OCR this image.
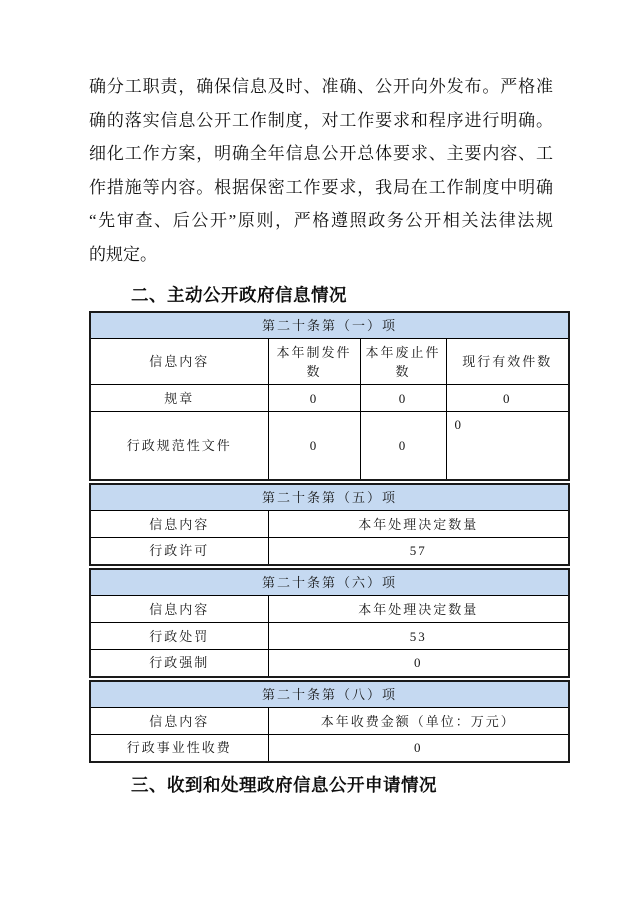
确分工职责，确保信息及时、准确、公开向外发布。严格准
确的落实信息公开工作制度，对工作要求和程序进行明确。
细化工作方案，明确全年信息公开总体要求、主要内容、工
作措施等内容。根据保密工作要求，我局在工作制度中明确
“先审查、后公开”原则，严格遵照政务公开相关法律法规
的规定。
二、主动公开政府信息情况
第二十条第（一）项			
信息内容	本年制发件数	本年废止件数	现行有效件数
规章	0	0	0
行政规范性文件	0	0	0
第二十条第（五）项	
信息内容	本年处理决定数量
行政许可	57
第二十条第（六）项	
信息内容	本年处理决定数量
行政处罚	53
行政强制	0
第二十条第（八）项	
信息内容	本年收费金额（单位：万元）
行政事业性收费	0
三、收到和处理政府信息公开申请情况
